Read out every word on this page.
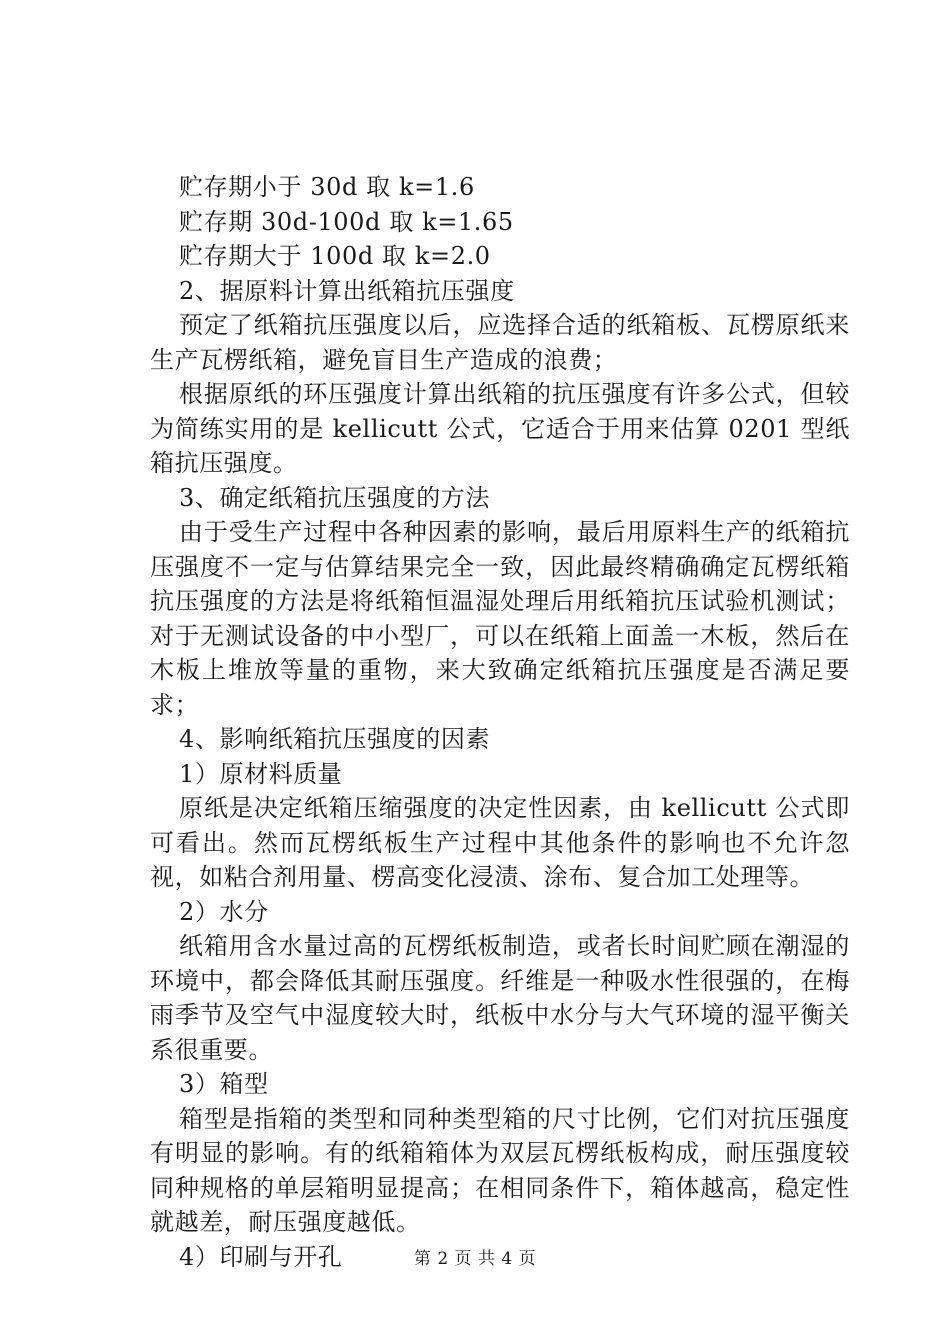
贮存期小于 30d 取 k=1.6
贮存期 30d-100d 取 k=1.65
贮存期大于 100d 取 k=2.0
2、据原料计算出纸箱抗压强度

预定了纸箱抗压强度以后，应选择合适的纸箱板、瓦楞原纸来生产瓦楞纸箱，避免盲目生产造成的浪费；

根据原纸的环压强度计算出纸箱的抗压强度有许多公式，但较为简练实用的是 kellicutt 公式，它适合于用来估算 0201 型纸箱抗压强度。

3、确定纸箱抗压强度的方法

由于受生产过程中各种因素的影响，最后用原料生产的纸箱抗压强度不一定与估算结果完全一致，因此最终精确确定瓦楞纸箱抗压强度的方法是将纸箱恒温湿处理后用纸箱抗压试验机测试；对于无测试设备的中小型厂，可以在纸箱上面盖一木板，然后在木板上堆放等量的重物，来大致确定纸箱抗压强度是否满足要求；

4、影响纸箱抗压强度的因素
1）原材料质量

原纸是决定纸箱压缩强度的决定性因素，由 kellicutt 公式即可看出。然而瓦楞纸板生产过程中其他条件的影响也不允许忽视，如粘合剂用量、楞高变化浸渍、涂布、复合加工处理等。

2）水分

纸箱用含水量过高的瓦楞纸板制造，或者长时间贮顾在潮湿的环境中，都会降低其耐压强度。纤维是一种吸水性很强的，在梅雨季节及空气中湿度较大时，纸板中水分与大气环境的湿平衡关系很重要。

3）箱型

箱型是指箱的类型和同种类型箱的尺寸比例，它们对抗压强度有明显的影响。有的纸箱箱体为双层瓦楞纸板构成，耐压强度较同种规格的单层箱明显提高；在相同条件下，箱体越高，稳定性就越差，耐压强度越低。

4）印刷与开孔	第 2 页 共 4 页
